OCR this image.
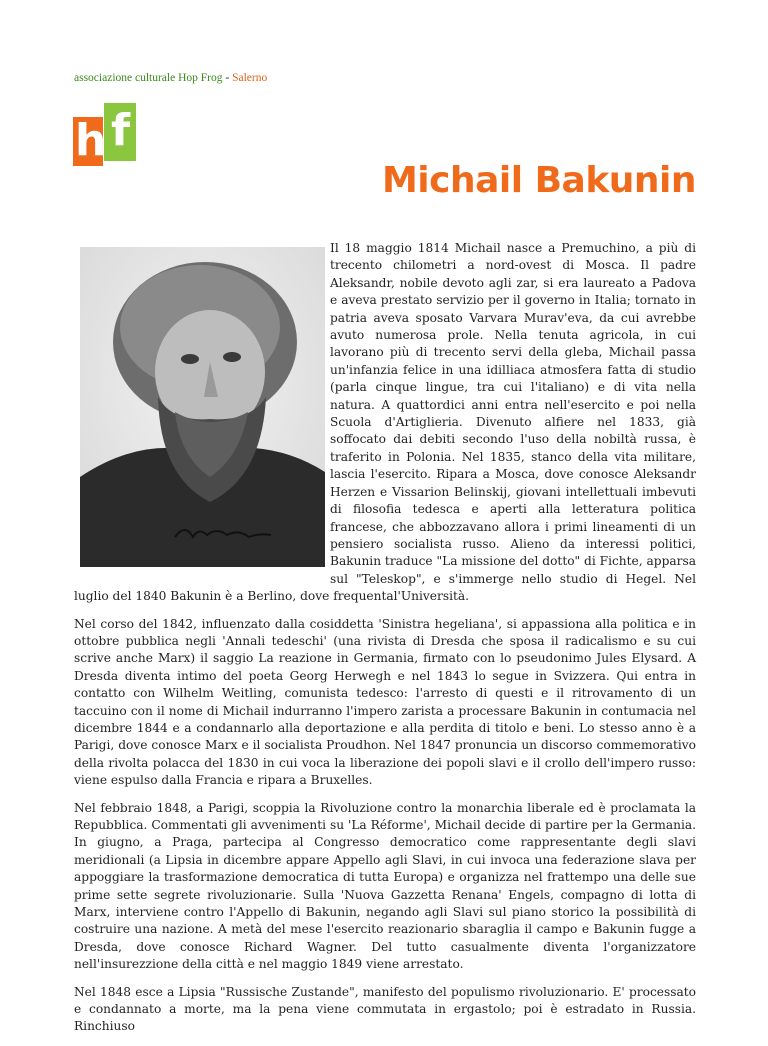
associazione culturale Hop Frog - Salerno
h f
Michail Bakunin

Il 18 maggio 1814 Michail nasce a Premuchino, a più di trecento chilometri a nord-ovest di Mosca. Il padre Aleksandr, nobile devoto agli zar, si era laureato a Padova e aveva prestato servizio per il governo in Italia; tornato in patria aveva sposato Varvara Murav'eva, da cui avrebbe avuto numerosa prole. Nella tenuta agricola, in cui lavorano più di trecento servi della gleba, Michail passa un'infanzia felice in una idilliaca atmosfera fatta di studio (parla cinque lingue, tra cui l'italiano) e di vita nella natura. A quattordici anni entra nell'esercito e poi nella Scuola d'Artiglieria. Divenuto alfiere nel 1833, già soffocato dai debiti secondo l'uso della nobiltà russa, è traferito in Polonia. Nel 1835, stanco della vita militare, lascia l'esercito. Ripara a Mosca, dove conosce Aleksandr Herzen e Vissarion Belinskij, giovani intellettuali imbevuti di filosofia tedesca e aperti alla letteratura politica francese, che abbozzavano allora i primi lineamenti di un pensiero socialista russo. Alieno da interessi politici, Bakunin traduce "La missione del dotto" di Fichte, apparsa sul "Teleskop", e s'immerge nello studio di Hegel. Nel luglio del 1840 Bakunin è a Berlino, dove frequental'Università.

Nel corso del 1842, influenzato dalla cosiddetta 'Sinistra hegeliana', si appassiona alla politica e in ottobre pubblica negli 'Annali tedeschi' (una rivista di Dresda che sposa il radicalismo e su cui scrive anche Marx) il saggio La reazione in Germania, firmato con lo pseudonimo Jules Elysard. A Dresda diventa intimo del poeta Georg Herwegh e nel 1843 lo segue in Svizzera. Qui entra in contatto con Wilhelm Weitling, comunista tedesco: l'arresto di questi e il ritrovamento di un taccuino con il nome di Michail indurranno l'impero zarista a processare Bakunin in contumacia nel dicembre 1844 e a condannarlo alla deportazione e alla perdita di titolo e beni. Lo stesso anno è a Parigi, dove conosce Marx e il socialista Proudhon. Nel 1847 pronuncia un discorso commemorativo della rivolta polacca del 1830 in cui voca la liberazione dei popoli slavi e il crollo dell'impero russo: viene espulso dalla Francia e ripara a Bruxelles.

Nel febbraio 1848, a Parigi, scoppia la Rivoluzione contro la monarchia liberale ed è proclamata la Repubblica. Commentati gli avvenimenti su 'La Réforme', Michail decide di partire per la Germania. In giugno, a Praga, partecipa al Congresso democratico come rappresentante degli slavi meridionali (a Lipsia in dicembre appare Appello agli Slavi, in cui invoca una federazione slava per appoggiare la trasformazione democratica di tutta Europa) e organizza nel frattempo una delle sue prime sette segrete rivoluzionarie. Sulla 'Nuova Gazzetta Renana' Engels, compagno di lotta di Marx, interviene contro l'Appello di Bakunin, negando agli Slavi sul piano storico la possibilità di costruire una nazione. A metà del mese l'esercito reazionario sbaraglia il campo e Bakunin fugge a Dresda, dove conosce Richard Wagner. Del tutto casualmente diventa l'organizzatore nell'insurezzione della città e nel maggio 1849 viene arrestato.

Nel 1848 esce a Lipsia "Russische Zustande", manifesto del populismo rivoluzionario. E' processato e condannato a morte, ma la pena viene commutata in ergastolo; poi è estradato in Russia. Rinchiuso
